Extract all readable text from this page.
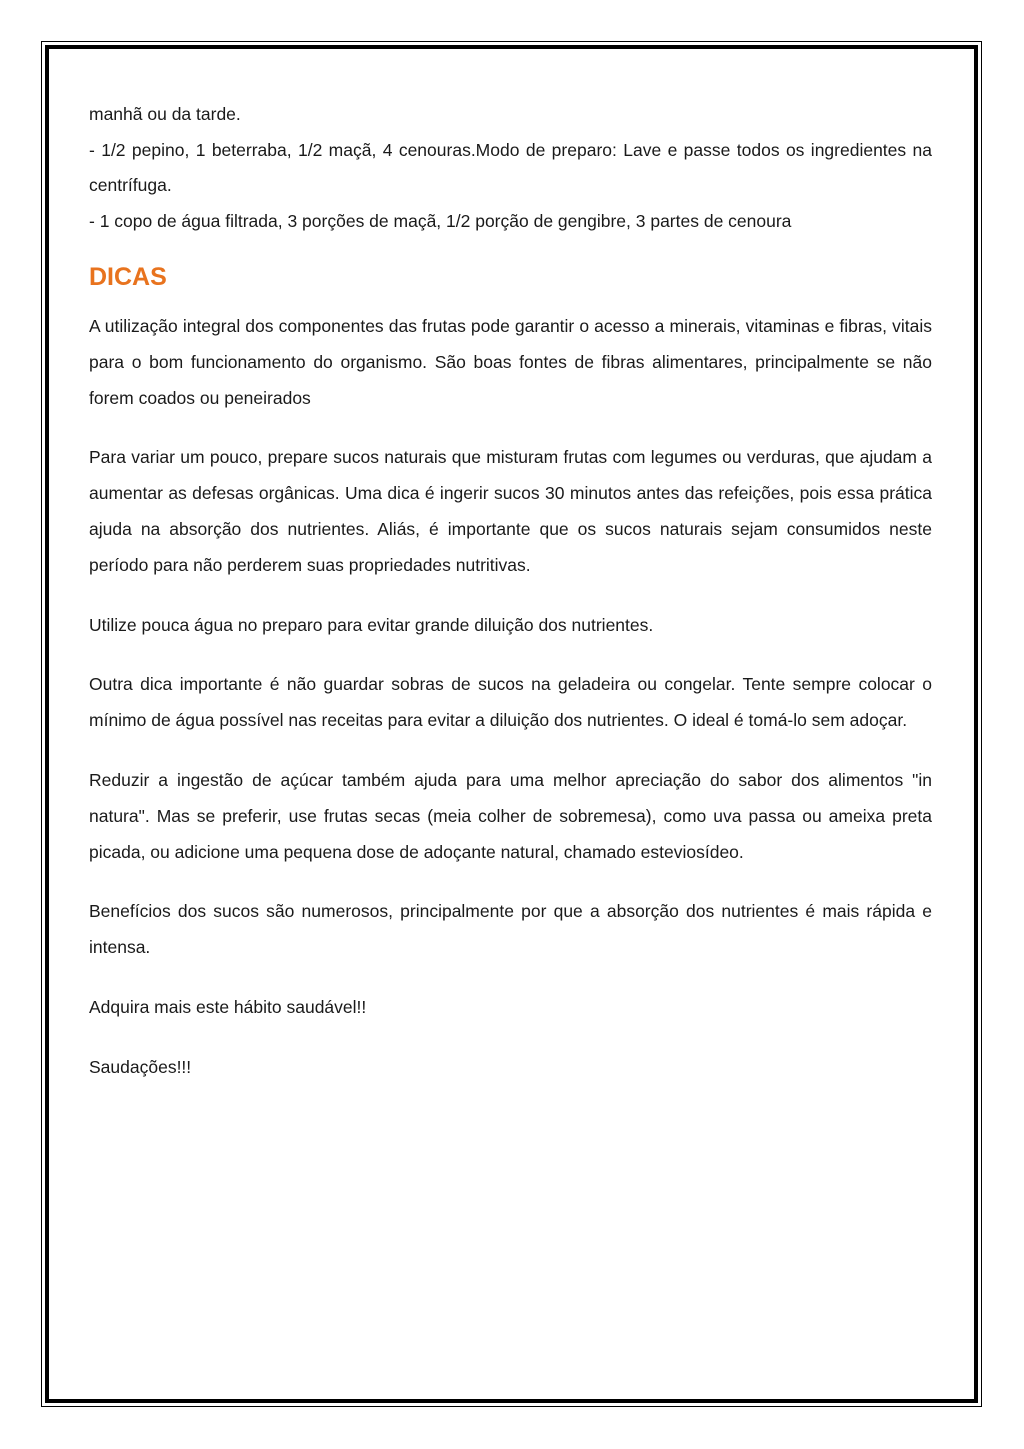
manhã ou da tarde.

- 1/2 pepino, 1 beterraba, 1/2 maçã, 4 cenouras.Modo de preparo: Lave e passe todos os ingredientes na centrífuga.

- 1 copo de água filtrada, 3 porções de maçã, 1/2 porção de gengibre, 3 partes de cenoura

DICAS

A utilização integral dos componentes das frutas pode garantir o acesso a minerais, vitaminas e fibras, vitais para o bom funcionamento do organismo. São boas fontes de fibras alimentares, principalmente se não forem coados ou peneirados

Para variar um pouco, prepare sucos naturais que misturam frutas com legumes ou verduras, que ajudam a aumentar as defesas orgânicas. Uma dica é ingerir sucos 30 minutos antes das refeições, pois essa prática ajuda na absorção dos nutrientes. Aliás, é importante que os sucos naturais sejam consumidos neste período para não perderem suas propriedades nutritivas.

Utilize pouca água no preparo para evitar grande diluição dos nutrientes.

Outra dica importante é não guardar sobras de sucos na geladeira ou congelar. Tente sempre colocar o mínimo de água possível nas receitas para evitar a diluição dos nutrientes. O ideal é tomá-lo sem adoçar.

Reduzir a ingestão de açúcar também ajuda para uma melhor apreciação do sabor dos alimentos "in natura". Mas se preferir, use frutas secas (meia colher de sobremesa), como uva passa ou ameixa preta picada, ou adicione uma pequena dose de adoçante natural, chamado esteviosídeo.

Benefícios dos sucos são numerosos, principalmente por que a absorção dos nutrientes é mais rápida e intensa.

Adquira mais este hábito saudável!!

Saudações!!!
